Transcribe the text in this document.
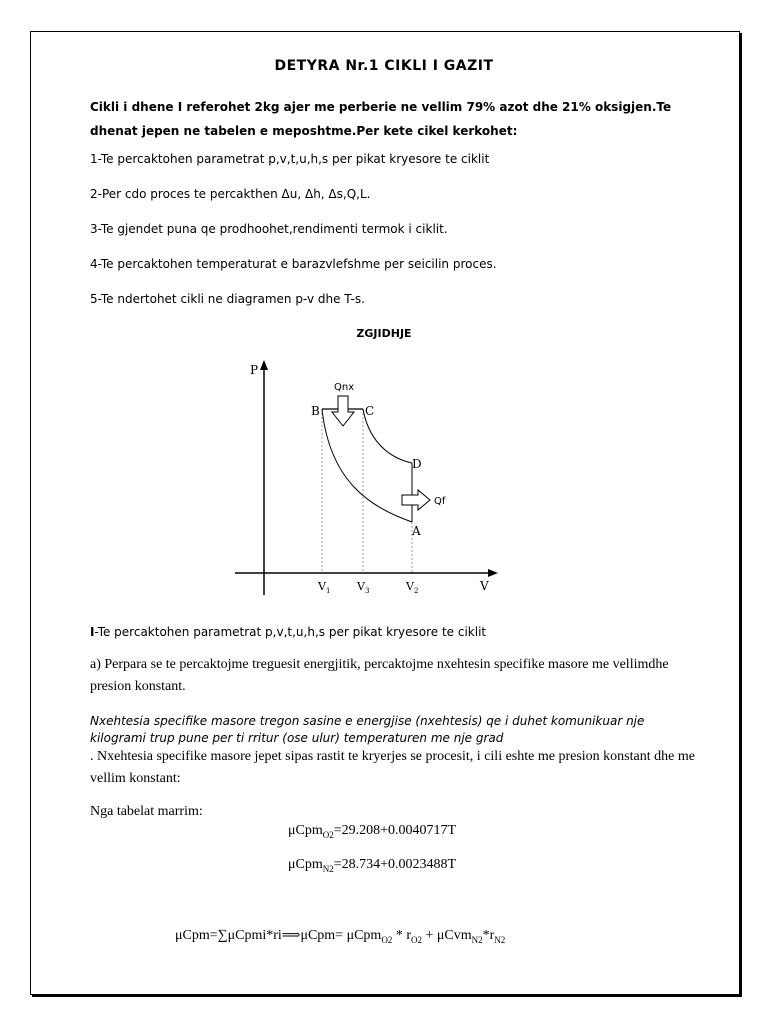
DETYRA Nr.1 CIKLI I GAZIT
Cikli i dhene I referohet 2kg ajer me perberie ne vellim 79% azot dhe 21% oksigjen.Te dhenat jepen ne tabelen e meposhtme.Per kete cikel kerkohet:
1-Te percaktohen parametrat p,v,t,u,h,s per pikat kryesore te ciklit
2-Per cdo proces te percakthen Δu, Δh, Δs,Q,L.
3-Te gjendet puna qe prodhoohet,rendimenti termok i ciklit.
4-Te percaktohen temperaturat e barazvlefshme per seicilin proces.
5-Te ndertohet cikli ne diagramen p-v dhe T-s.
ZGJIDHJE
P
V
B	C
D
A
Qnx
Qf
$V_1$ $V_3$	$V_2$
I-Te percaktohen parametrat p,v,t,u,h,s per pikat kryesore te ciklit
a) Perpara se te percaktojme treguesit energjitik, percaktojme nxehtesin specifike masore me vellimdhe presion konstant.
Nxehtesia specifike masore tregon sasine e energjise (nxehtesis) qe i duhet komunikuar nje kilogrami trup pune per ti rritur (ose ulur) temperaturen me nje grad
. Nxehtesia specifike masore jepet sipas rastit te kryerjes se procesit, i cili eshte me presion konstant dhe me vellim konstant:
Nga tabelat marrim:
μCpm$_{O2}$=29.208+0.0040717T
μCpm$_{N2}$=28.734+0.0023488T
μCpm=∑μCpmi*ri⟹μCpm= $\mu Cpm_{O2} * r_{O2} + \mu Cvm_{N2}*r_{N2}$
